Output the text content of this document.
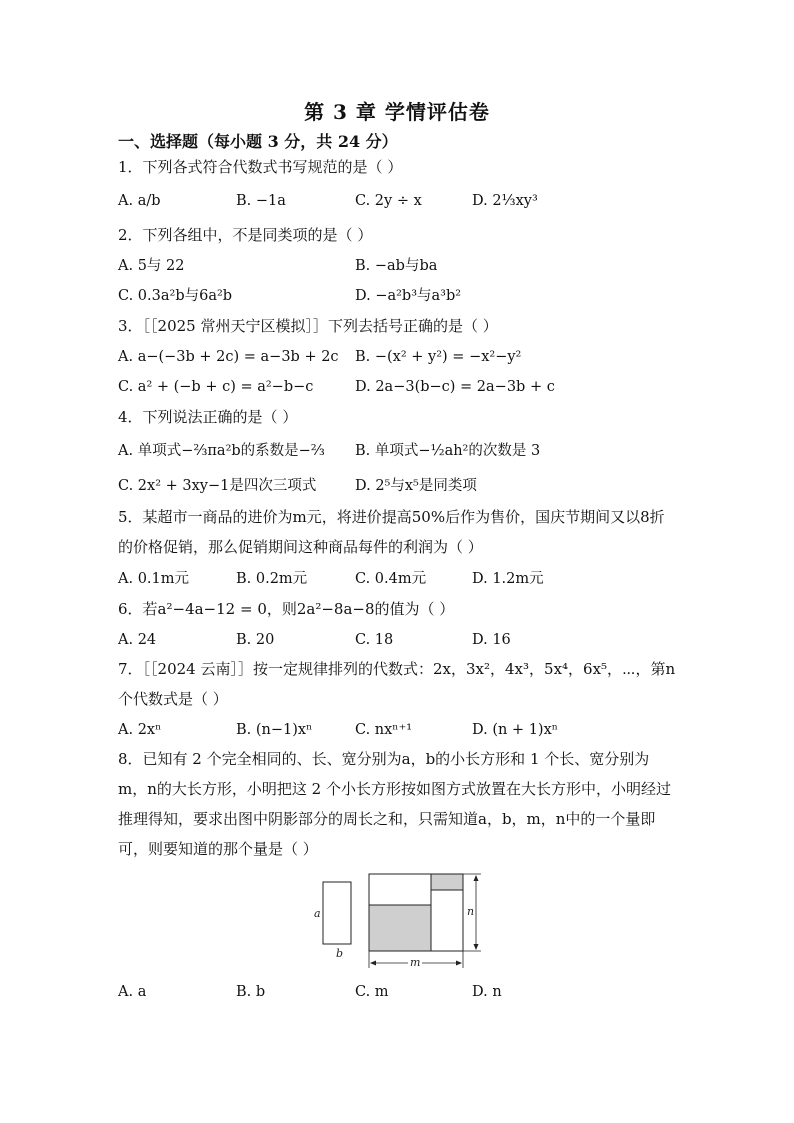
第 3 章 学情评估卷
一、选择题（每小题 3 分，共 24 分）
1．下列各式符合代数式书写规范的是（ ）
A. a/b	B. −1a	C. 2y ÷ x	D. 2⅓xy³
2．下列各组中，不是同类项的是（ ）
A. 5与 22	B. −ab与ba
C. 0.3a²b与6a²b	D. −a²b³与a³b²
3．［［2025 常州天宁区模拟］］下列去括号正确的是（ ）
A. a−(−3b + 2c) = a−3b + 2c B. −(x² + y²) = −x²−y²
C. a² + (−b + c) = a²−b−c	D. 2a−3(b−c) = 2a−3b + c
4．下列说法正确的是（ ）
A. 单项式−⅔πa²b的系数是−⅔ B. 单项式−½ah²的次数是 3
C. 2x² + 3xy−1是四次三项式	D. 2⁵与x⁵是同类项
5．某超市一商品的进价为m元，将进价提高50%后作为售价，国庆节期间又以8折的价格促销，那么促销期间这种商品每件的利润为（ ）
A. 0.1m元	B. 0.2m元	C. 0.4m元	D. 1.2m元
6．若a²−4a−12 = 0，则2a²−8a−8的值为（ ）
A. 24	B. 20	C. 18	D. 16
7．［［2024 云南］］按一定规律排列的代数式：2x，3x²，4x³，5x⁴，6x⁵，⋯，第n个代数式是（ ）
A. 2xⁿ	B. (n−1)xⁿ	C. nxⁿ⁺¹	D. (n + 1)xⁿ
8．已知有 2 个完全相同的、长、宽分别为a，b的小长方形和 1 个长、宽分别为m，n的大长方形，小明把这 2 个小长方形按如图方式放置在大长方形中，小明经过推理得知，要求出图中阴影部分的周长之和，只需知道a，b，m，n中的一个量即可，则要知道的那个量是（ ）
a
b
n
m
A. a	B. b	C. m	D. n
